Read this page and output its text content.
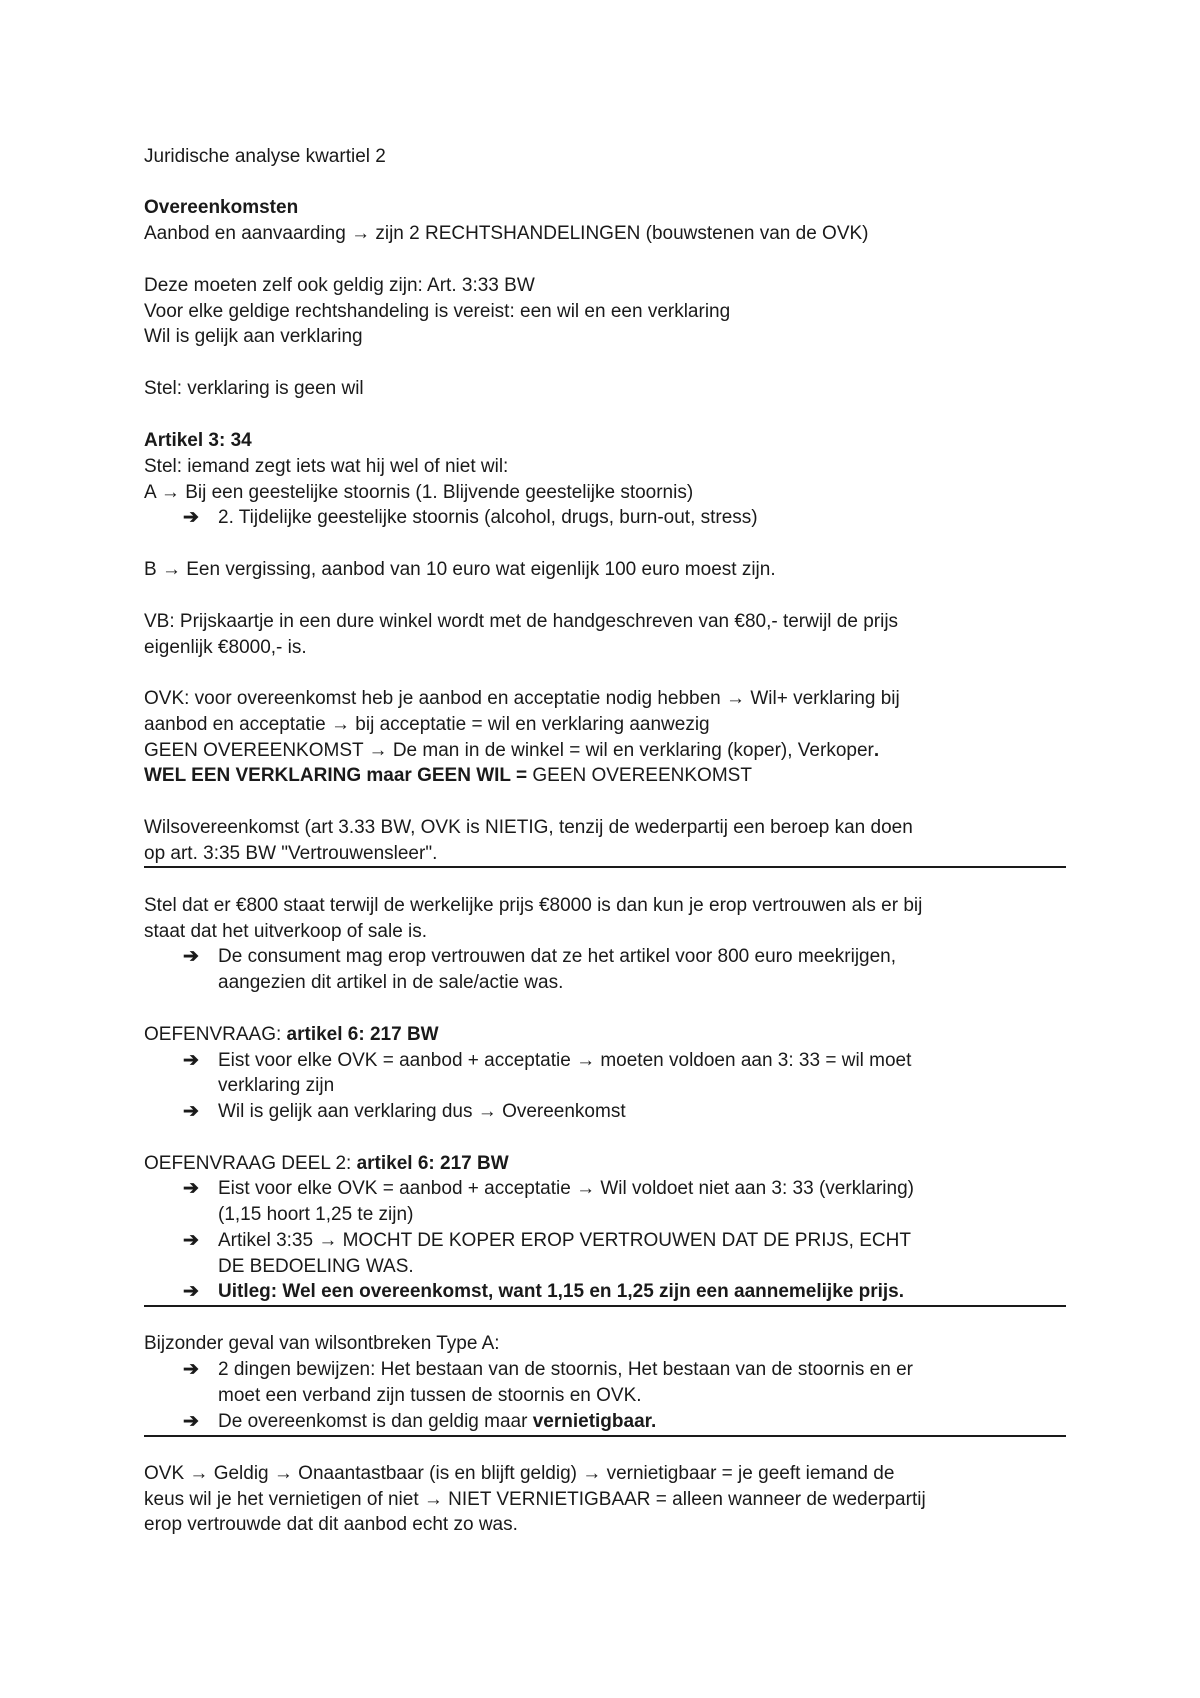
Juridische analyse kwartiel 2
Overeenkomsten
Aanbod en aanvaarding → zijn 2 RECHTSHANDELINGEN (bouwstenen van de OVK)
Deze moeten zelf ook geldig zijn: Art. 3:33 BW
Voor elke geldige rechtshandeling is vereist: een wil en een verklaring
Wil is gelijk aan verklaring
Stel: verklaring is geen wil
Artikel 3: 34
Stel: iemand zegt iets wat hij wel of niet wil:
A → Bij een geestelijke stoornis (1. Blijvende geestelijke stoornis)
➔ 2. Tijdelijke geestelijke stoornis (alcohol, drugs, burn-out, stress)
B → Een vergissing, aanbod van 10 euro wat eigenlijk 100 euro moest zijn.
VB: Prijskaartje in een dure winkel wordt met de handgeschreven van €80,- terwijl de prijs
eigenlijk €8000,- is.
OVK: voor overeenkomst heb je aanbod en acceptatie nodig hebben → Wil+ verklaring bij
aanbod en acceptatie → bij acceptatie = wil en verklaring aanwezig
GEEN OVEREENKOMST → De man in de winkel = wil en verklaring (koper), Verkoper.
WEL EEN VERKLARING maar GEEN WIL = GEEN OVEREENKOMST
Wilsovereenkomst (art 3.33 BW, OVK is NIETIG, tenzij de wederpartij een beroep kan doen
op art. 3:35 BW "Vertrouwensleer".
Stel dat er €800 staat terwijl de werkelijke prijs €8000 is dan kun je erop vertrouwen als er bij
staat dat het uitverkoop of sale is.
➔ De consument mag erop vertrouwen dat ze het artikel voor 800 euro meekrijgen,
aangezien dit artikel in de sale/actie was.
OEFENVRAAG: artikel 6: 217 BW
➔ Eist voor elke OVK = aanbod + acceptatie → moeten voldoen aan 3: 33 = wil moet
verklaring zijn
➔ Wil is gelijk aan verklaring dus → Overeenkomst
OEFENVRAAG DEEL 2: artikel 6: 217 BW
➔ Eist voor elke OVK = aanbod + acceptatie → Wil voldoet niet aan 3: 33 (verklaring)
(1,15 hoort 1,25 te zijn)
➔ Artikel 3:35 → MOCHT DE KOPER EROP VERTROUWEN DAT DE PRIJS, ECHT
DE BEDOELING WAS.
➔ Uitleg: Wel een overeenkomst, want 1,15 en 1,25 zijn een aannemelijke prijs.
Bijzonder geval van wilsontbreken Type A:
➔ 2 dingen bewijzen: Het bestaan van de stoornis, Het bestaan van de stoornis en er
moet een verband zijn tussen de stoornis en OVK.
➔ De overeenkomst is dan geldig maar vernietigbaar.
OVK → Geldig → Onaantastbaar (is en blijft geldig) → vernietigbaar = je geeft iemand de
keus wil je het vernietigen of niet → NIET VERNIETIGBAAR = alleen wanneer de wederpartij
erop vertrouwde dat dit aanbod echt zo was.
